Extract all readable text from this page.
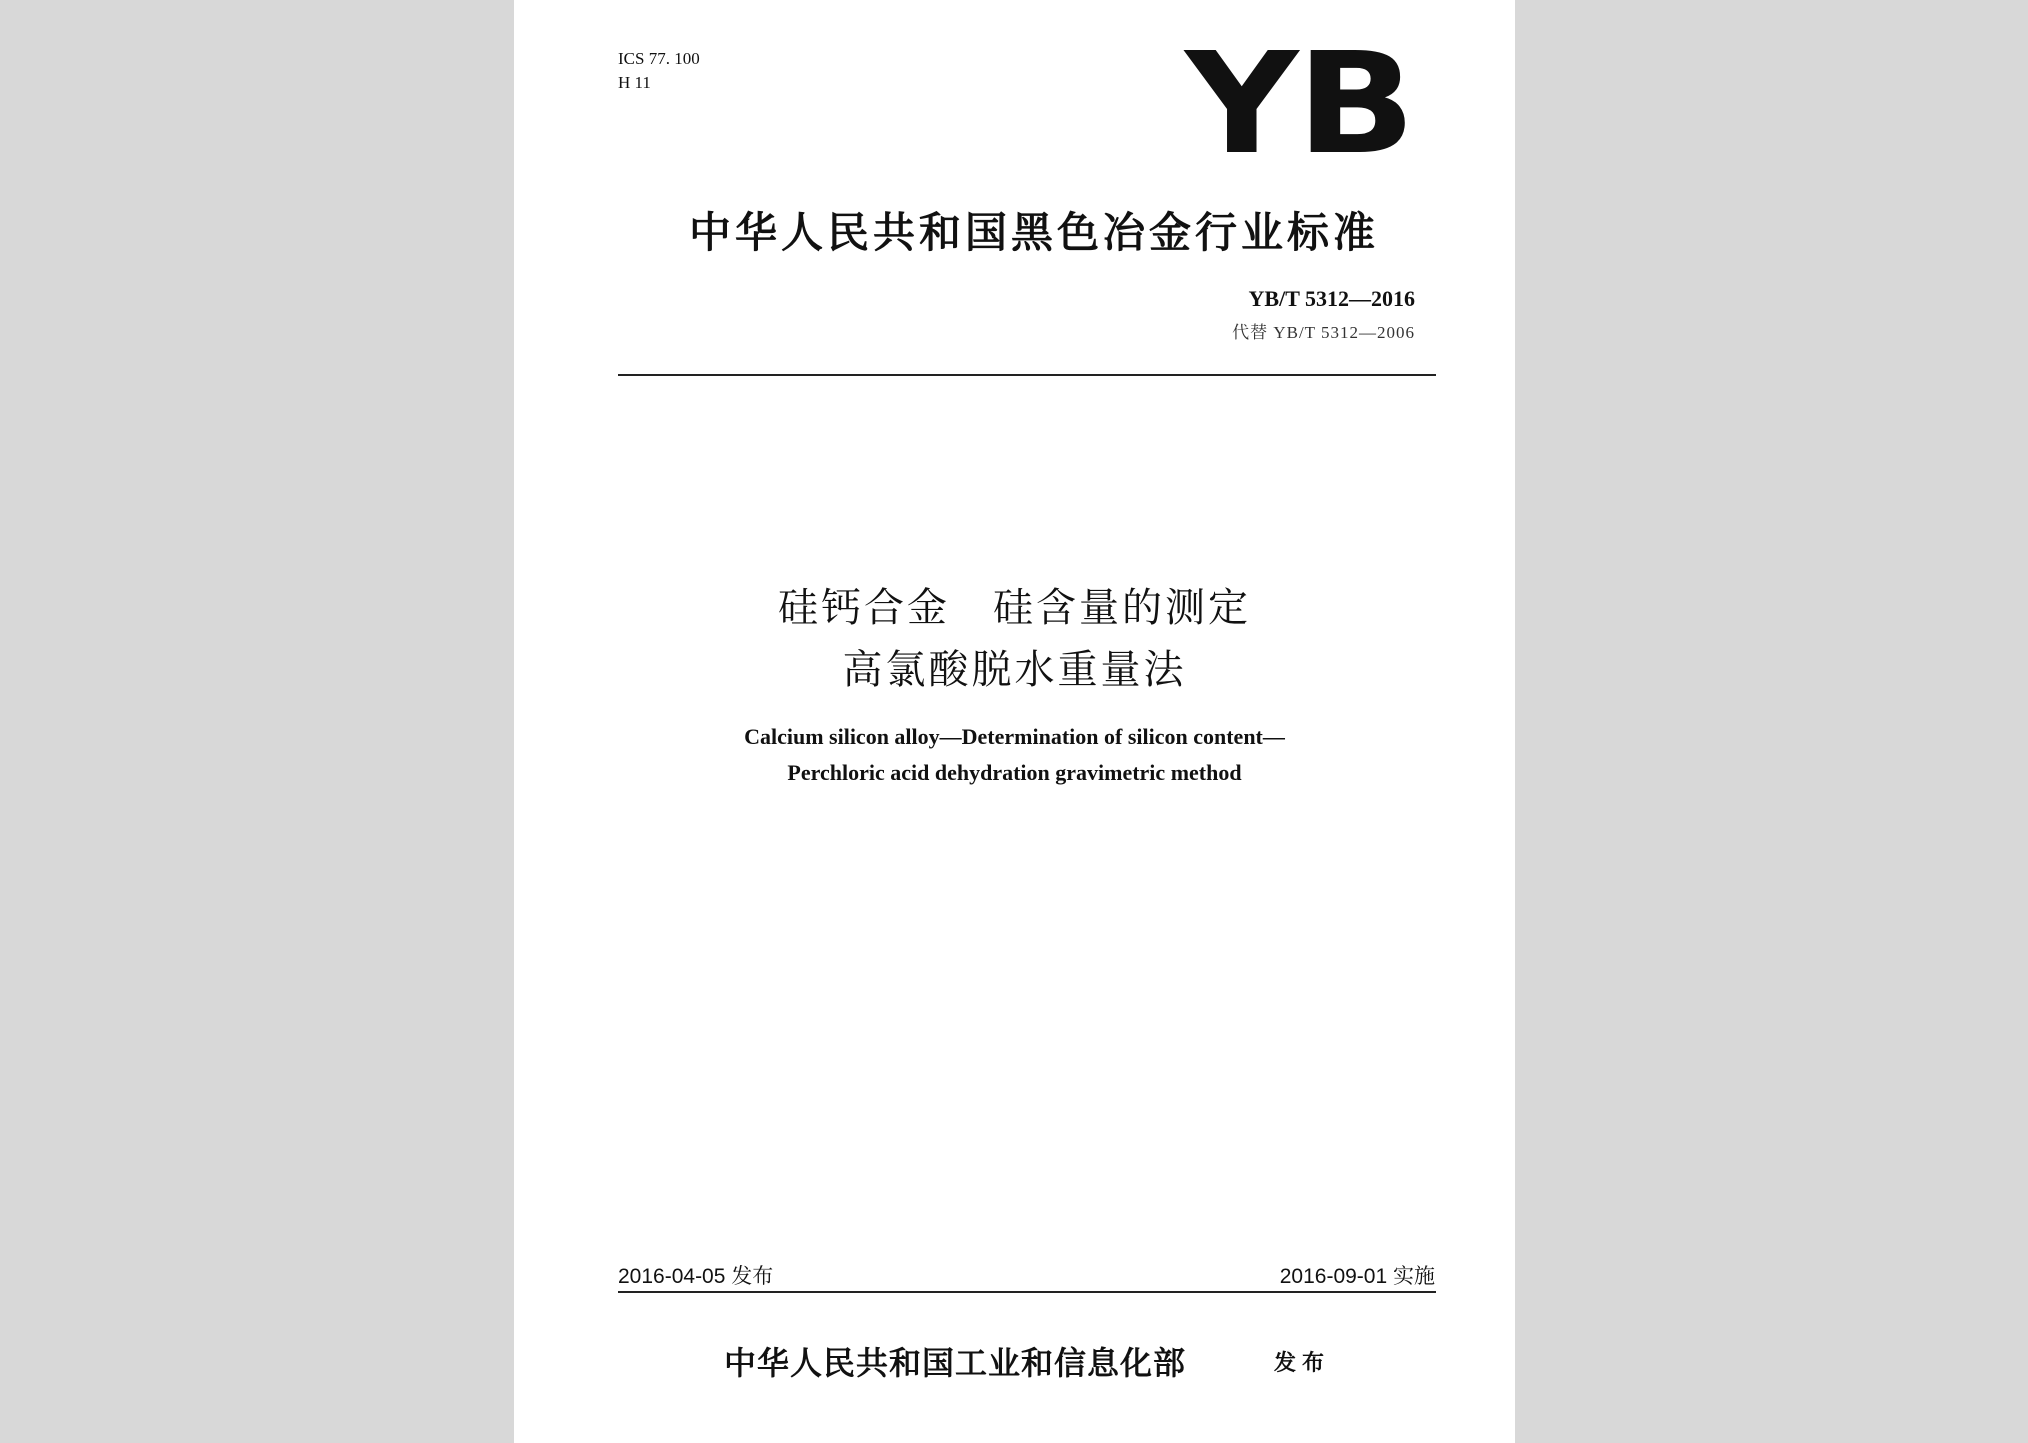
ICS 77. 100
H 11	YB
中华人民共和国黑色冶金行业标准
YB/T 5312—2016
代替 YB/T 5312—2006
硅钙合金　硅含量的测定
高氯酸脱水重量法
Calcium silicon alloy—Determination of silicon content—
Perchloric acid dehydration gravimetric method
2016-04-05 发布	2016-09-01 实施
中华人民共和国工业和信息化部	发布
